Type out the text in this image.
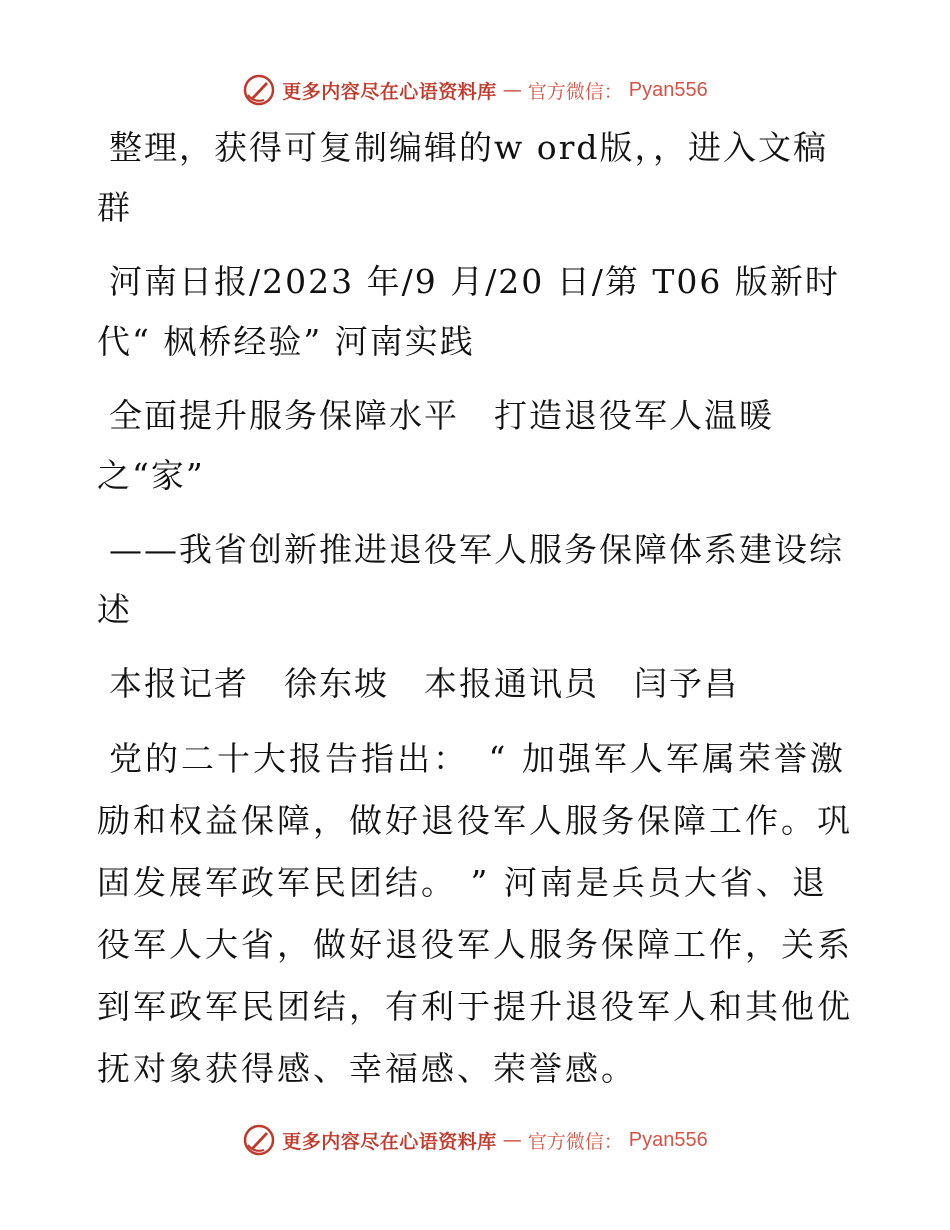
更多内容尽在心语资料库 — 官方微信： Pyan556

整理，获得可复制编辑的w ord版，，进入文稿群

河南日报/2023 年/9 月/20 日/第 T06 版新时代“ 枫桥经验” 河南实践

全面提升服务保障水平　打造退役军人温暖之“家”

——我省创新推进退役军人服务保障体系建设综述

本报记者　徐东坡　本报通讯员　闫予昌

党的二十大报告指出：　“ 加强军人军属荣誉激励和权益保障，做好退役军人服务保障工作。巩固发展军政军民团结。 ” 河南是兵员大省、退役军人大省，做好退役军人服务保障工作，关系到军政军民团结，有利于提升退役军人和其他优抚对象获得感、幸福感、荣誉感。

更多内容尽在心语资料库 — 官方微信： Pyan556
